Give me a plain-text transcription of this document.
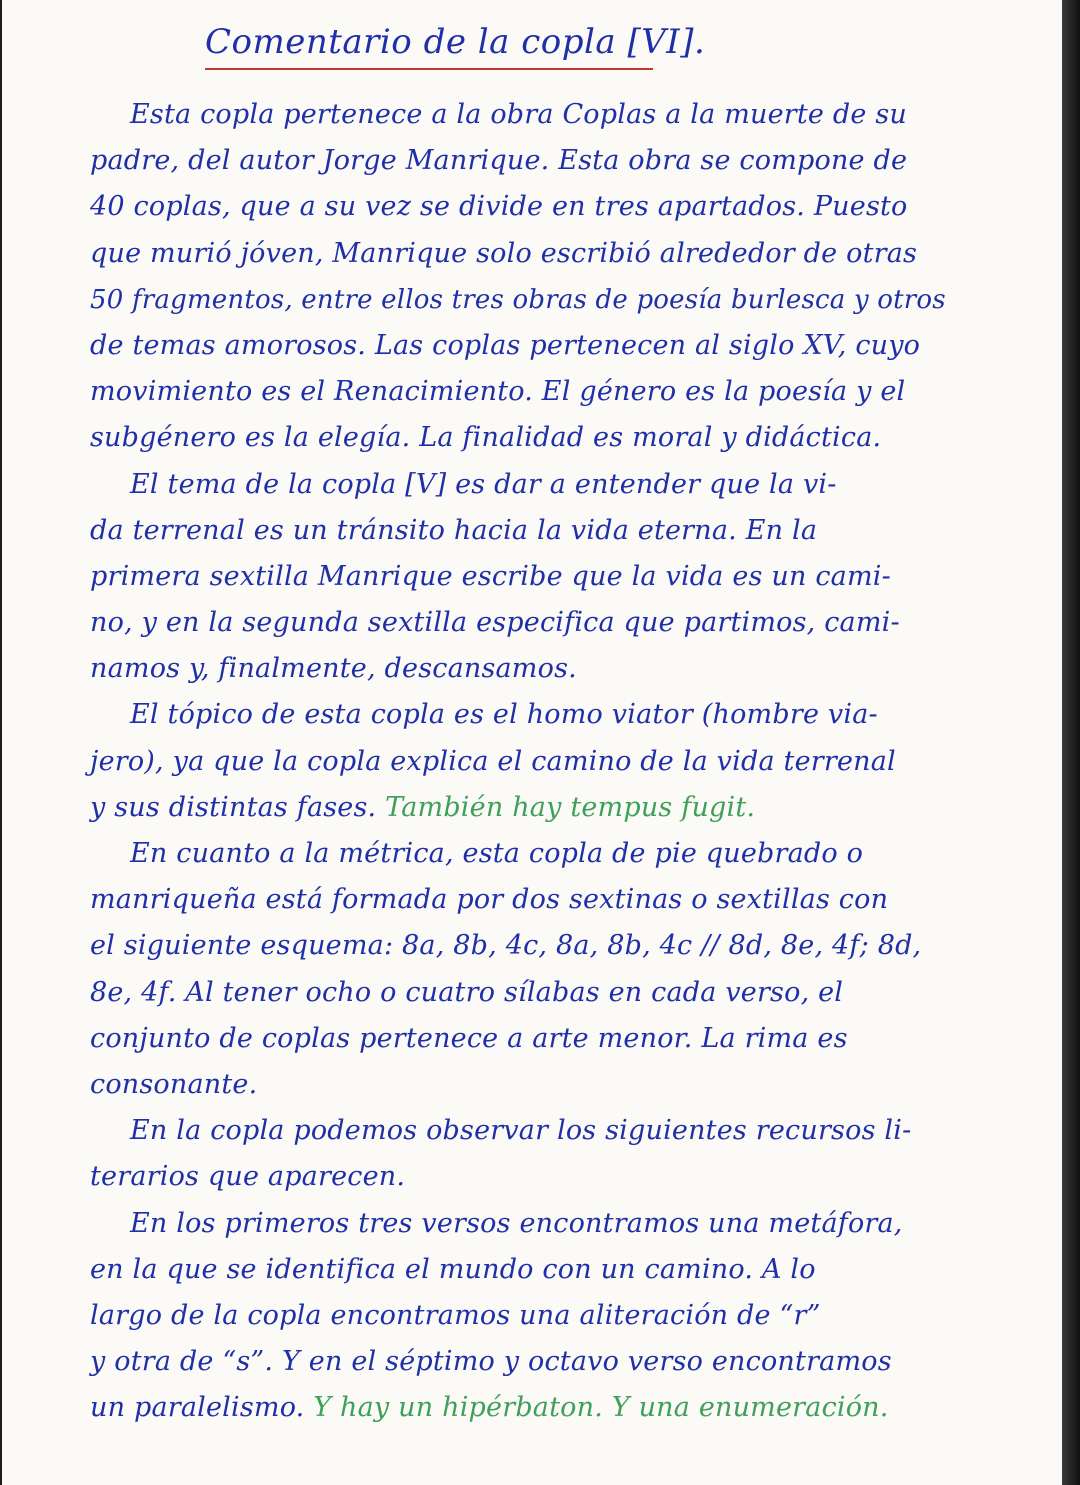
Comentario de la copla [VI].
Esta copla pertenece a la obra Coplas a la muerte de su
padre, del autor Jorge Manrique. Esta obra se compone de
40 coplas, que a su vez se divide en tres apartados. Puesto
que murió jóven, Manrique solo escribió alrededor de otras
50 fragmentos, entre ellos tres obras de poesía burlesca y otros
de temas amorosos. Las coplas pertenecen al siglo XV, cuyo
movimiento es el Renacimiento. El género es la poesía y el
subgénero es la elegía. La finalidad es moral y didáctica.
El tema de la copla [V] es dar a entender que la vi-
da terrenal es un tránsito hacia la vida eterna. En la
primera sextilla Manrique escribe que la vida es un cami-
no, y en la segunda sextilla especifica que partimos, cami-
namos y, finalmente, descansamos.
El tópico de esta copla es el homo viator (hombre via-
jero), ya que la copla explica el camino de la vida terrenal
y sus distintas fases. También hay tempus fugit.
En cuanto a la métrica, esta copla de pie quebrado o
manriqueña está formada por dos sextinas o sextillas con
el siguiente esquema: 8a, 8b, 4c, 8a, 8b, 4c // 8d, 8e, 4f; 8d,
8e, 4f. Al tener ocho o cuatro sílabas en cada verso, el
conjunto de coplas pertenece a arte menor. La rima es
consonante.
En la copla podemos observar los siguientes recursos li-
terarios que aparecen.
En los primeros tres versos encontramos una metáfora,
en la que se identifica el mundo con un camino. A lo
largo de la copla encontramos una aliteración de “r”
y otra de “s”. Y en el séptimo y octavo verso encontramos
un paralelismo. Y hay un hipérbaton. Y una enumeración.
